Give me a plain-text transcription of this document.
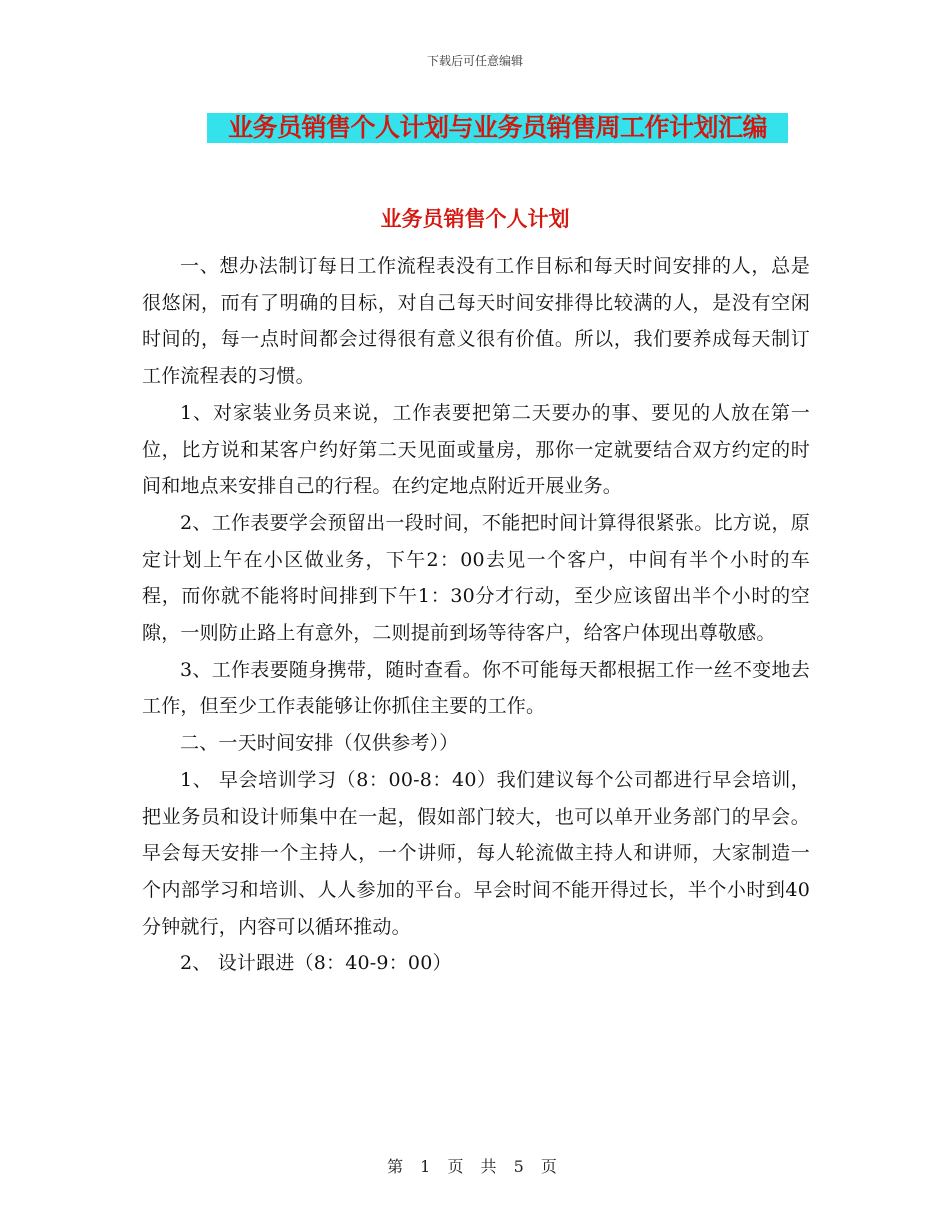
下载后可任意编辑
业务员销售个人计划与业务员销售周工作计划汇编
业务员销售个人计划

一、想办法制订每日工作流程表没有工作目标和每天时间安排的人，总是很悠闲，而有了明确的目标，对自己每天时间安排得比较满的人，是没有空闲时间的，每一点时间都会过得很有意义很有价值。所以，我们要养成每天制订工作流程表的习惯。

1、对家装业务员来说，工作表要把第二天要办的事、要见的人放在第一位，比方说和某客户约好第二天见面或量房，那你一定就要结合双方约定的时间和地点来安排自己的行程。在约定地点附近开展业务。

2、工作表要学会预留出一段时间，不能把时间计算得很紧张。比方说，原定计划上午在小区做业务，下午2：00去见一个客户，中间有半个小时的车程，而你就不能将时间排到下午1：30分才行动，至少应该留出半个小时的空隙，一则防止路上有意外，二则提前到场等待客户，给客户体现出尊敬感。

3、工作表要随身携带，随时查看。你不可能每天都根据工作一丝不变地去工作，但至少工作表能够让你抓住主要的工作。

二、一天时间安排（仅供参考））

1、 早会培训学习（8：00-8：40）我们建议每个公司都进行早会培训，把业务员和设计师集中在一起，假如部门较大，也可以单开业务部门的早会。早会每天安排一个主持人，一个讲师，每人轮流做主持人和讲师，大家制造一个内部学习和培训、人人参加的平台。早会时间不能开得过长，半个小时到40分钟就行，内容可以循环推动。

2、 设计跟进（8：40-9：00）

第 1 页 共 5 页
